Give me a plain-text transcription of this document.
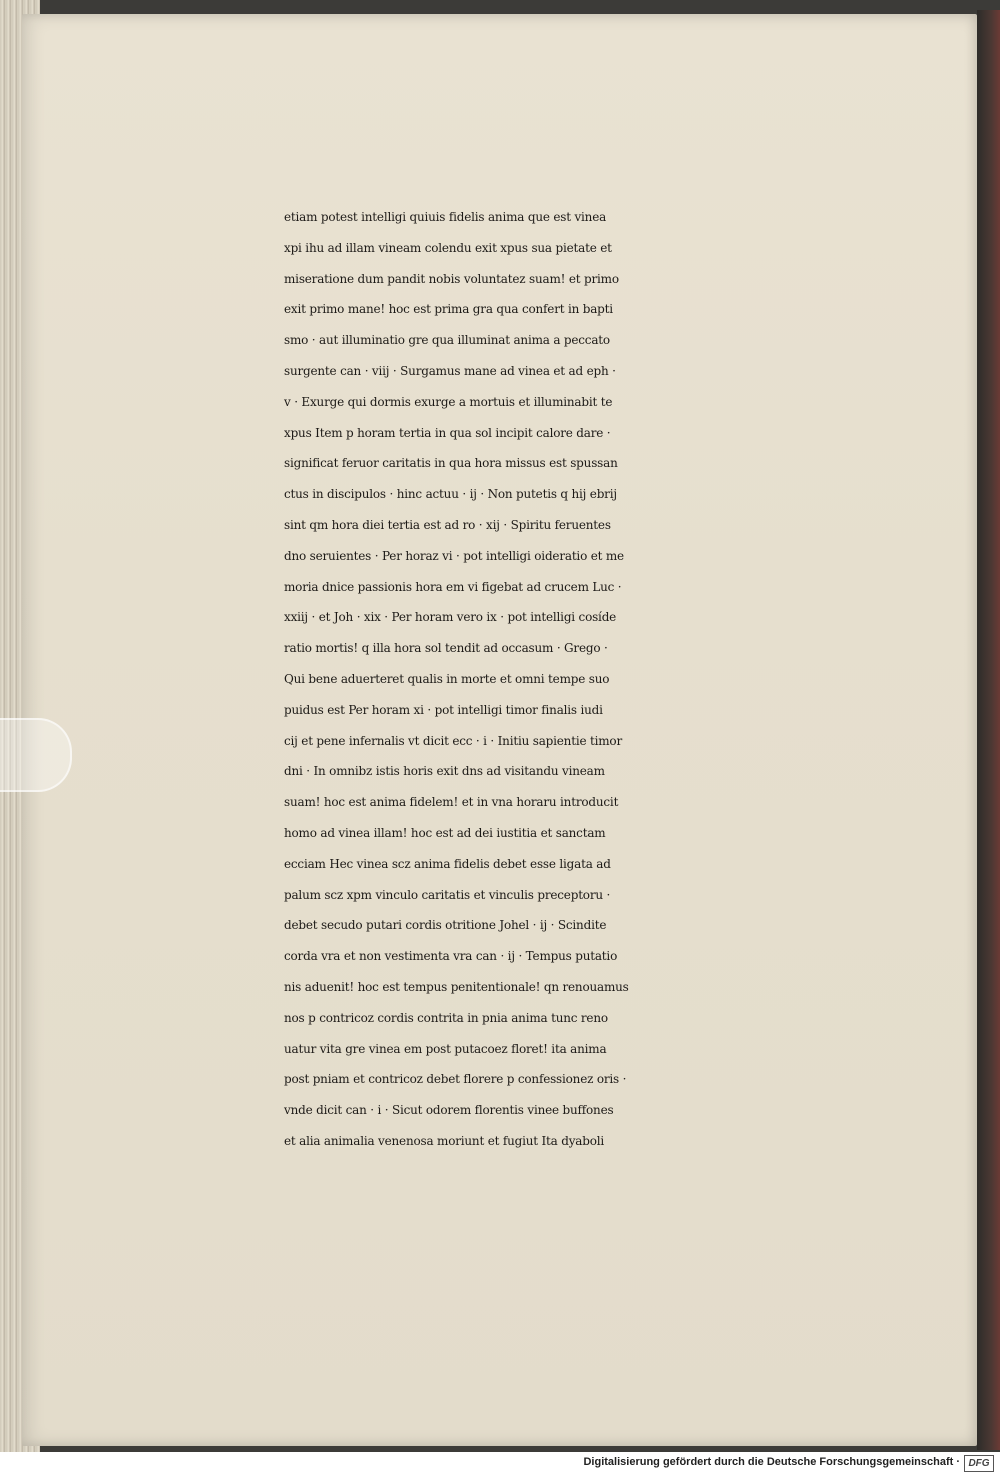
etiam potest intelligi quiuis fidelis anima que est vinea
xpi ihu ad illam vineam colendu exit xpus sua pietate et
miseratione dum pandit nobis voluntatez suam! et primo
exit primo mane! hoc est prima gra qua confert in bapti
smo · aut illuminatio gre qua illuminat anima a peccato
surgente can · viij · Surgamus mane ad vinea et ad eph ·
v · Exurge qui dormis exurge a mortuis et illuminabit te
xpus Item p horam tertia in qua sol incipit calore dare ·
significat feruor caritatis in qua hora missus est spussan
ctus in discipulos · hinc actuu · ij · Non putetis q hij ebrij
sint qm hora diei tertia est ad ro · xij · Spiritu feruentes
dno seruientes · Per horaz vi · pot intelligi oideratio et me
moria dnice passionis hora em vi figebat ad crucem Luc ·
xxiij · et Joh · xix · Per horam vero ix · pot intelligi cosíde
ratio mortis! q illa hora sol tendit ad occasum · Grego ·
Qui bene aduerteret qualis in morte et omni tempe suo
puidus est Per horam xi · pot intelligi timor finalis iudi
cij et pene infernalis vt dicit ecc · i · Initiu sapientie timor
dni · In omnibz istis horis exit dns ad visitandu vineam
suam! hoc est anima fidelem! et in vna horaru introducit
homo ad vinea illam! hoc est ad dei iustitia et sanctam
ecciam Hec vinea scz anima fidelis debet esse ligata ad
palum scz xpm vinculo caritatis et vinculis preceptoru ·
debet secudo putari cordis otritione Johel · ij · Scindite
corda vra et non vestimenta vra can · ij · Tempus putatio
nis aduenit! hoc est tempus penitentionale! qn renouamus
nos p contricoz cordis contrita in pnia anima tunc reno
uatur vita gre vinea em post putacoez floret! ita anima
post pniam et contricoz debet florere p confessionez oris ·
vnde dicit can · i · Sicut odorem florentis vinee buffones
et alia animalia venenosa moriunt et fugiut Ita dyaboli
Digitalisierung gefördert durch die Deutsche Forschungsgemeinschaft · DFG
